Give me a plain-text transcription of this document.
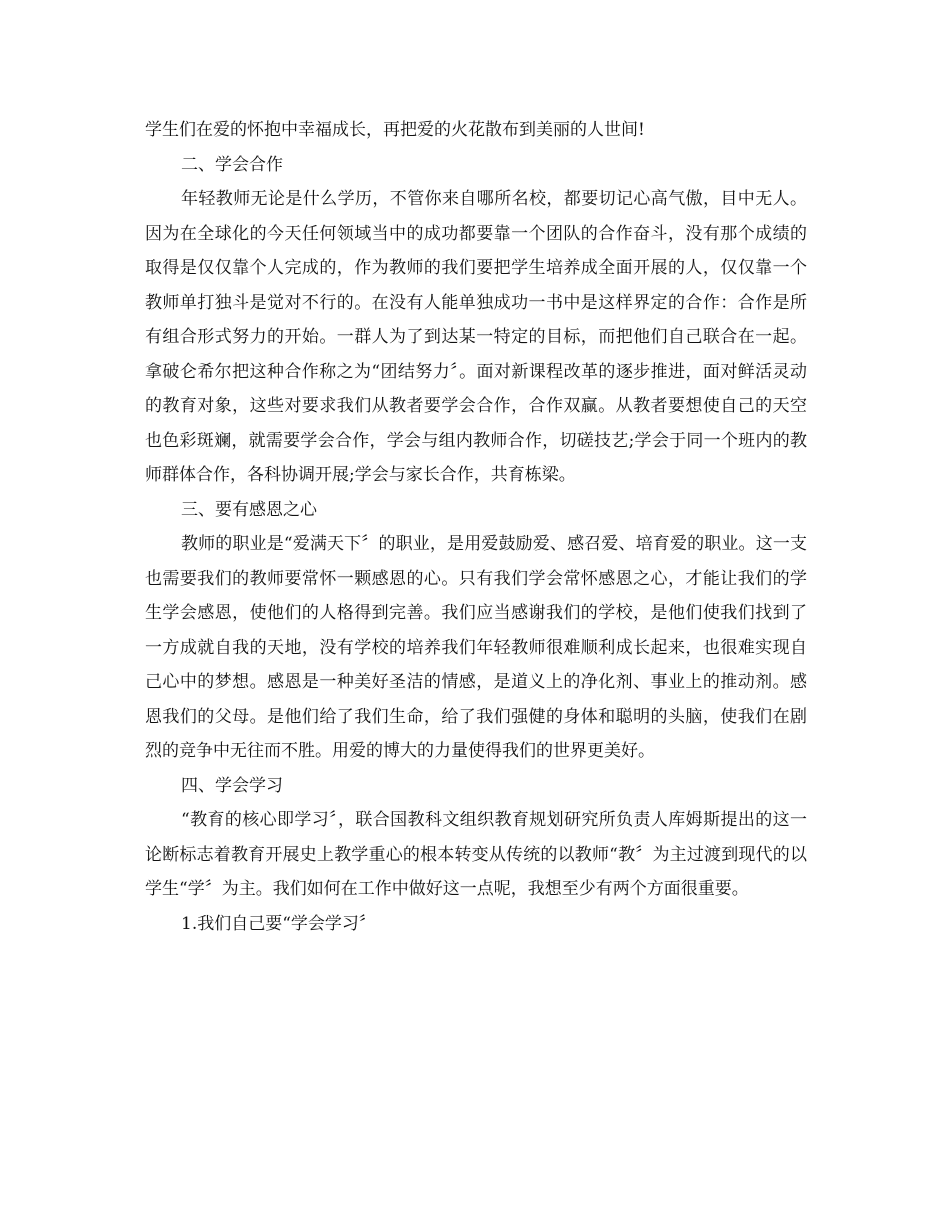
学生们在爱的怀抱中幸福成长，再把爱的火花散布到美丽的人世间!

二、学会合作

年轻教师无论是什么学历，不管你来自哪所名校，都要切记心高气傲，目中无人。因为在全球化的今天任何领域当中的成功都要靠一个团队的合作奋斗，没有那个成绩的取得是仅仅靠个人完成的，作为教师的我们要把学生培养成全面开展的人，仅仅靠一个教师单打独斗是觉对不行的。在没有人能单独成功一书中是这样界定的合作：合作是所有组合形式努力的开始。一群人为了到达某一特定的目标，而把他们自己联合在一起。拿破仑希尔把这种合作称之为“团结努力〞。面对新课程改革的逐步推进，面对鲜活灵动的教育对象，这些对要求我们从教者要学会合作，合作双赢。从教者要想使自己的天空也色彩斑斓，就需要学会合作，学会与组内教师合作，切磋技艺;学会于同一个班内的教师群体合作，各科协调开展;学会与家长合作，共育栋梁。

三、要有感恩之心

教师的职业是“爱满天下〞的职业，是用爱鼓励爱、感召爱、培育爱的职业。这一支也需要我们的教师要常怀一颗感恩的心。只有我们学会常怀感恩之心，才能让我们的学生学会感恩，使他们的人格得到完善。我们应当感谢我们的学校，是他们使我们找到了一方成就自我的天地，没有学校的培养我们年轻教师很难顺利成长起来，也很难实现自己心中的梦想。感恩是一种美好圣洁的情感，是道义上的净化剂、事业上的推动剂。感恩我们的父母。是他们给了我们生命，给了我们强健的身体和聪明的头脑，使我们在剧烈的竞争中无往而不胜。用爱的博大的力量使得我们的世界更美好。

四、学会学习

“教育的核心即学习〞，联合国教科文组织教育规划研究所负责人库姆斯提出的这一论断标志着教育开展史上教学重心的根本转变从传统的以教师“教〞为主过渡到现代的以学生“学〞为主。我们如何在工作中做好这一点呢，我想至少有两个方面很重要。

1.我们自己要“学会学习〞
